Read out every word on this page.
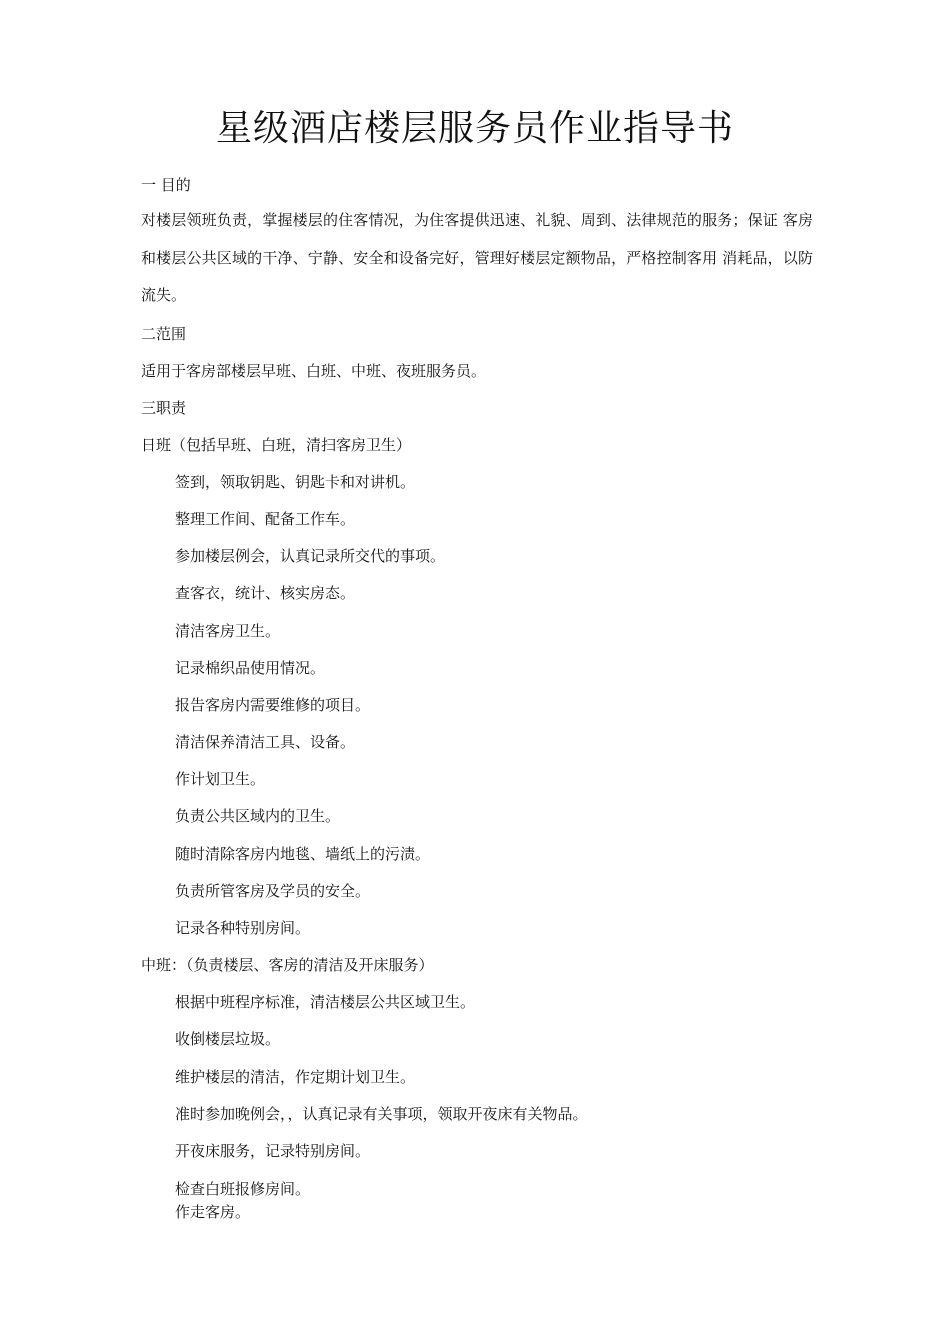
星级酒店楼层服务员作业指导书
一 目的
对楼层领班负责，掌握楼层的住客情况，为住客提供迅速、礼貌、周到、法律规范的服务；保证 客房和楼层公共区域的干净、宁静、安全和设备完好，管理好楼层定额物品，严格控制客用 消耗品，以防流失。
二范围
适用于客房部楼层早班、白班、中班、夜班服务员。
三职责
日班（包括早班、白班，清扫客房卫生）
签到，领取钥匙、钥匙卡和对讲机。
整理工作间、配备工作车。
参加楼层例会，认真记录所交代的事项。
查客衣，统计、核实房态。
清洁客房卫生。
记录棉织品使用情况。
报告客房内需要维修的项目。
清洁保养清洁工具、设备。
作计划卫生。
负责公共区域内的卫生。
随时清除客房内地毯、墙纸上的污渍。
负责所管客房及学员的安全。
记录各种特别房间。
中班：（负责楼层、客房的清洁及开床服务）
根据中班程序标准，清洁楼层公共区域卫生。
收倒楼层垃圾。
维护楼层的清洁，作定期计划卫生。
准时参加晚例会，，认真记录有关事项，领取开夜床有关物品。
开夜床服务，记录特别房间。
检查白班报修房间。
作走客房。
